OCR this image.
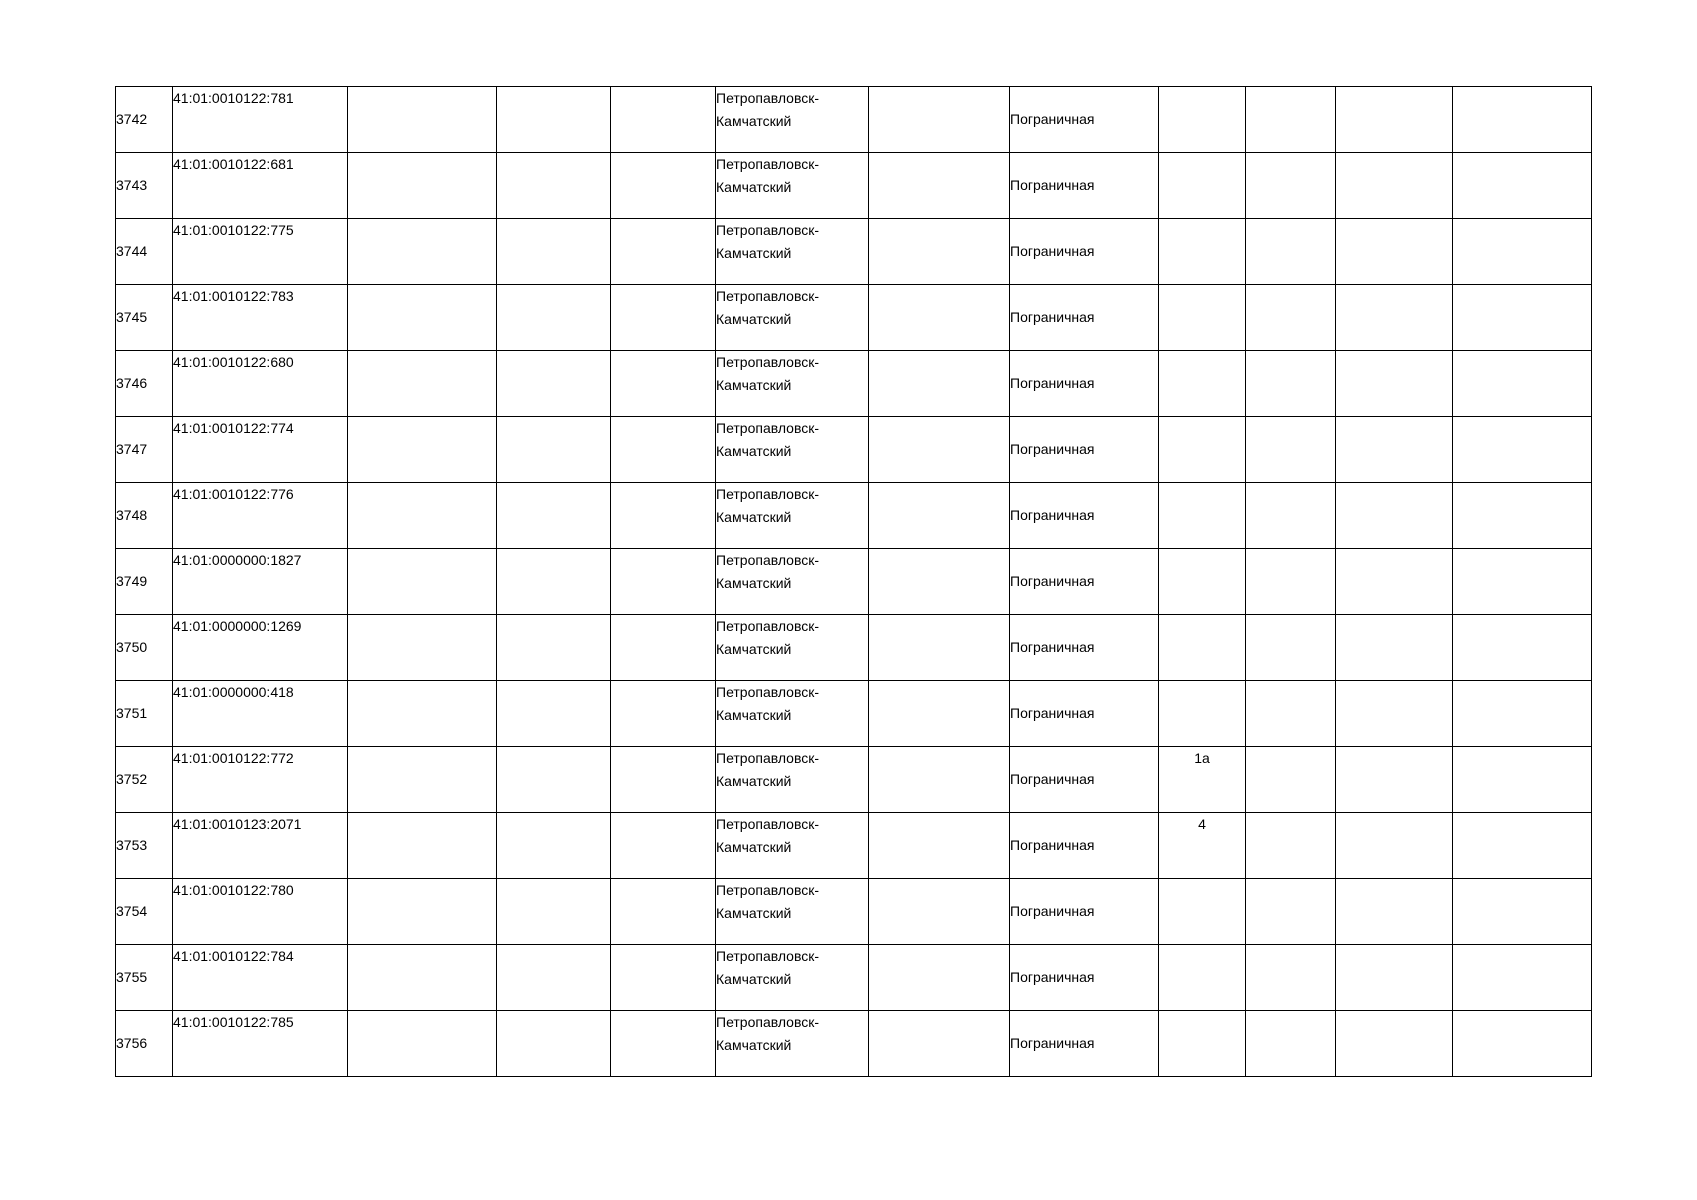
3742	41:01:0010122:781				Петропавловск-
Камчатский		Пограничная				
3743	41:01:0010122:681				Петропавловск-
Камчатский		Пограничная				
3744	41:01:0010122:775				Петропавловск-
Камчатский		Пограничная				
3745	41:01:0010122:783				Петропавловск-
Камчатский		Пограничная				
3746	41:01:0010122:680				Петропавловск-
Камчатский		Пограничная				
3747	41:01:0010122:774				Петропавловск-
Камчатский		Пограничная				
3748	41:01:0010122:776				Петропавловск-
Камчатский		Пограничная				
3749	41:01:0000000:1827				Петропавловск-
Камчатский		Пограничная				
3750	41:01:0000000:1269				Петропавловск-
Камчатский		Пограничная				
3751	41:01:0000000:418				Петропавловск-
Камчатский		Пограничная				
3752	41:01:0010122:772				Петропавловск-
Камчатский		Пограничная	1а			
3753	41:01:0010123:2071				Петропавловск-
Камчатский		Пограничная	4			
3754	41:01:0010122:780				Петропавловск-
Камчатский		Пограничная				
3755	41:01:0010122:784				Петропавловск-
Камчатский		Пограничная				
3756	41:01:0010122:785				Петропавловск-
Камчатский		Пограничная				
